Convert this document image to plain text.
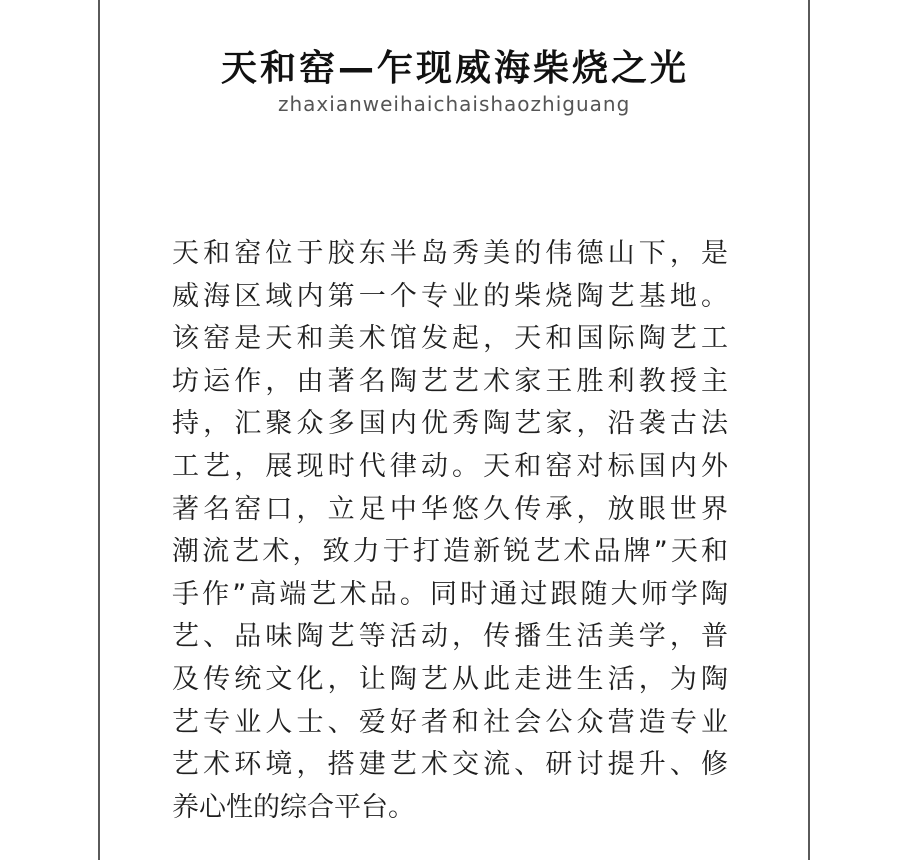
天和窑—乍现威海柴烧之光
zhaxianweihaichaishaozhiguang
天和窑位于胶东半岛秀美的伟德山下，是
威海区域内第一个专业的柴烧陶艺基地。
该窑是天和美术馆发起，天和国际陶艺工
坊运作，由著名陶艺艺术家王胜利教授主
持，汇聚众多国内优秀陶艺家，沿袭古法
工艺，展现时代律动。天和窑对标国内外
著名窑口，立足中华悠久传承，放眼世界
潮流艺术，致力于打造新锐艺术品牌”天和
手作”高端艺术品。同时通过跟随大师学陶
艺、品味陶艺等活动，传播生活美学，普
及传统文化，让陶艺从此走进生活，为陶
艺专业人士、爱好者和社会公众营造专业
艺术环境，搭建艺术交流、研讨提升、修
养心性的综合平台。
